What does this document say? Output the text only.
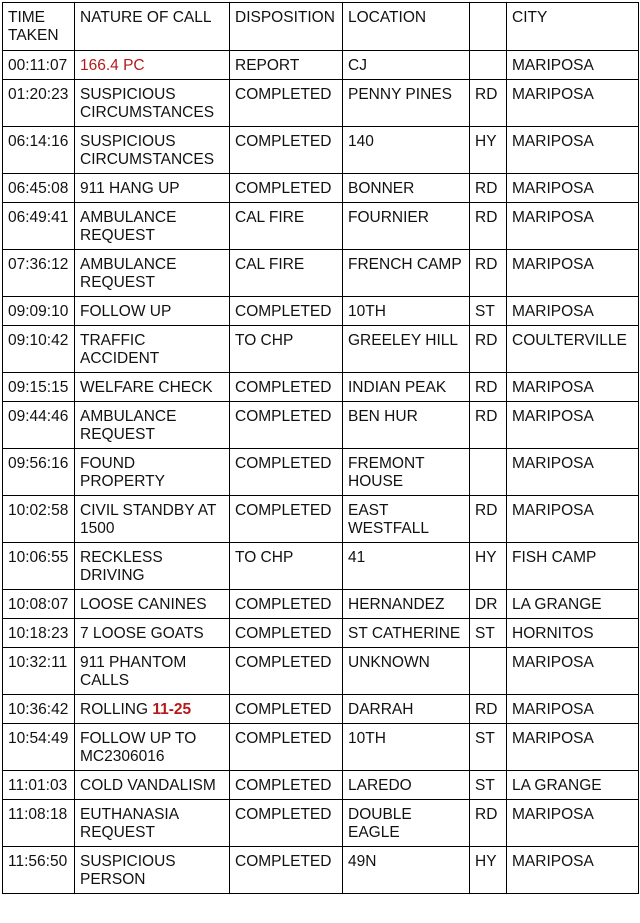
TIME TAKEN	NATURE OF CALL	DISPOSITION	LOCATION		CITY
00:11:07	166.4 PC	REPORT	CJ		MARIPOSA
01:20:23	SUSPICIOUS CIRCUMSTANCES	COMPLETED	PENNY PINES	RD	MARIPOSA
06:14:16	SUSPICIOUS CIRCUMSTANCES	COMPLETED	140	HY	MARIPOSA
06:45:08	911 HANG UP	COMPLETED	BONNER	RD	MARIPOSA
06:49:41	AMBULANCE REQUEST	CAL FIRE	FOURNIER	RD	MARIPOSA
07:36:12	AMBULANCE REQUEST	CAL FIRE	FRENCH CAMP	RD	MARIPOSA
09:09:10	FOLLOW UP	COMPLETED	10TH	ST	MARIPOSA
09:10:42	TRAFFIC ACCIDENT	TO CHP	GREELEY HILL	RD	COULTERVILLE
09:15:15	WELFARE CHECK	COMPLETED	INDIAN PEAK	RD	MARIPOSA
09:44:46	AMBULANCE REQUEST	COMPLETED	BEN HUR	RD	MARIPOSA
09:56:16	FOUND PROPERTY	COMPLETED	FREMONT HOUSE		MARIPOSA
10:02:58	CIVIL STANDBY AT 1500	COMPLETED	EAST WESTFALL	RD	MARIPOSA
10:06:55	RECKLESS DRIVING	TO CHP	41	HY	FISH CAMP
10:08:07	LOOSE CANINES	COMPLETED	HERNANDEZ	DR	LA GRANGE
10:18:23	7 LOOSE GOATS	COMPLETED	ST CATHERINE	ST	HORNITOS
10:32:11	911 PHANTOM CALLS	COMPLETED	UNKNOWN		MARIPOSA
10:36:42	ROLLING 11-25	COMPLETED	DARRAH	RD	MARIPOSA
10:54:49	FOLLOW UP TO MC2306016	COMPLETED	10TH	ST	MARIPOSA
11:01:03	COLD VANDALISM	COMPLETED	LAREDO	ST	LA GRANGE
11:08:18	EUTHANASIA REQUEST	COMPLETED	DOUBLE EAGLE	RD	MARIPOSA
11:56:50	SUSPICIOUS PERSON	COMPLETED	49N	HY	MARIPOSA
